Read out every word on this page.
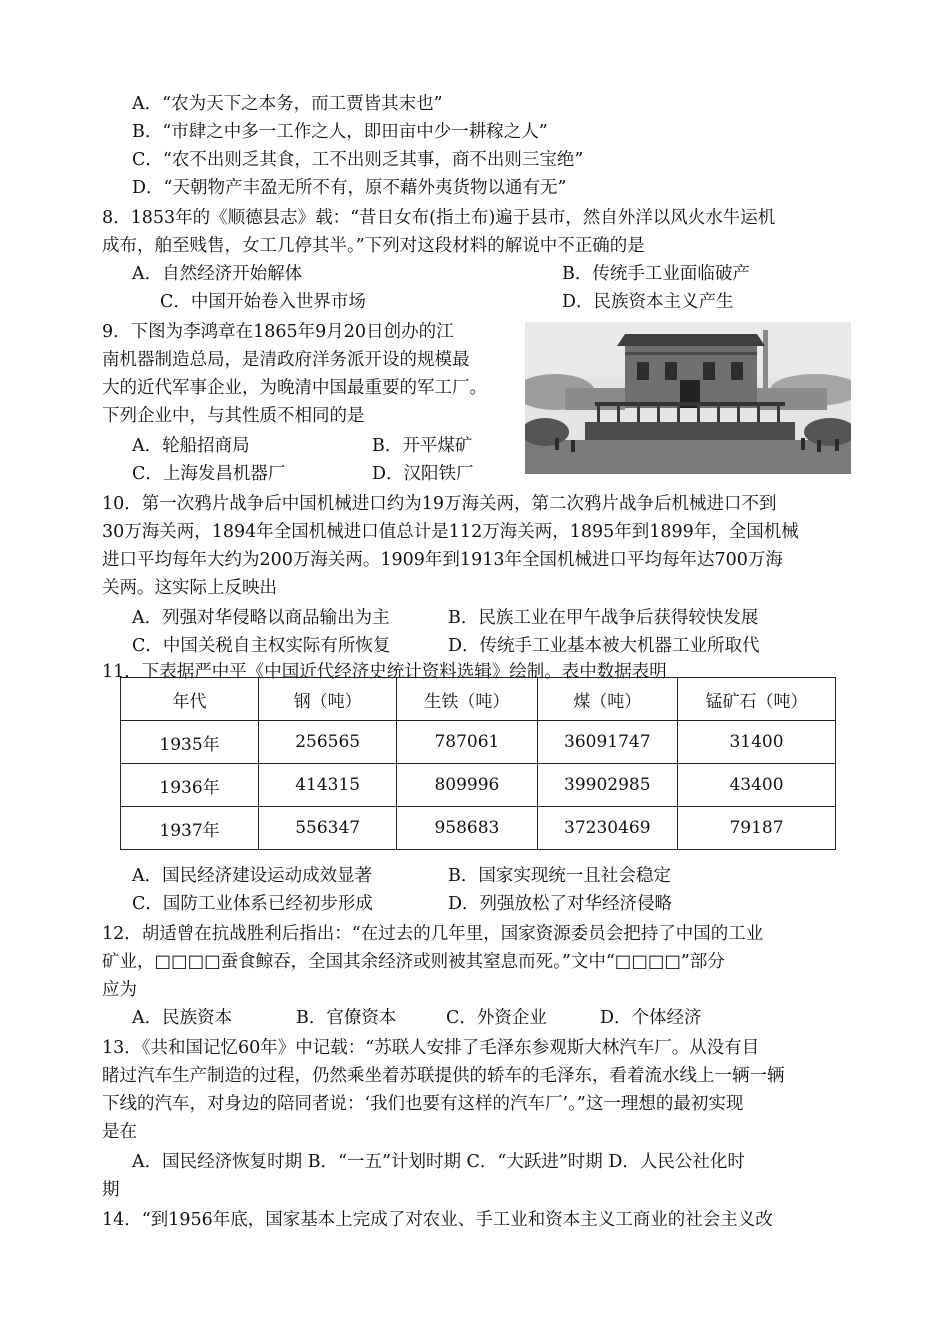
A．“农为天下之本务，而工贾皆其末也”
B．“市肆之中多一工作之人，即田亩中少一耕稼之人”
C．“农不出则乏其食，工不出则乏其事，商不出则三宝绝”
D．“天朝物产丰盈无所不有，原不藉外夷货物以通有无”
8．1853年的《顺德县志》载：“昔日女布(指土布)遍于县市，然自外洋以风火水牛运机
成布，舶至贱售，女工几停其半。”下列对这段材料的解说中不正确的是
A．自然经济开始解体	B．传统手工业面临破产
C．中国开始卷入世界市场	D．民族资本主义产生
9．下图为李鸿章在1865年9月20日创办的江
南机器制造总局，是清政府洋务派开设的规模最
大的近代军事企业，为晚清中国最重要的军工厂。
下列企业中，与其性质不相同的是
A．轮船招商局	B．开平煤矿
C．上海发昌机器厂	D．汉阳铁厂
10．第一次鸦片战争后中国机械进口约为19万海关两，第二次鸦片战争后机械进口不到
30万海关两，1894年全国机械进口值总计是112万海关两，1895年到1899年，全国机械
进口平均每年大约为200万海关两。1909年到1913年全国机械进口平均每年达700万海
关两。这实际上反映出
A．列强对华侵略以商品输出为主	B．民族工业在甲午战争后获得较快发展
C．中国关税自主权实际有所恢复	D．传统手工业基本被大机器工业所取代
11．下表据严中平《中国近代经济史统计资料选辑》绘制。表中数据表明
年代	钢（吨）	生铁（吨）	煤（吨）	锰矿石（吨）
1935年	256565	787061	36091747	31400
1936年	414315	809996	39902985	43400
1937年	556347	958683	37230469	79187
A．国民经济建设运动成效显著	B．国家实现统一且社会稳定
C．国防工业体系已经初步形成	D．列强放松了对华经济侵略
12．胡适曾在抗战胜利后指出：“在过去的几年里，国家资源委员会把持了中国的工业
矿业，□□□□蚕食鲸吞，全国其余经济或则被其窒息而死。”文中“□□□□”部分
应为
A．民族资本	B．官僚资本	C．外资企业	D．个体经济
13．《共和国记忆60年》中记载：“苏联人安排了毛泽东参观斯大林汽车厂。从没有目
睹过汽车生产制造的过程，仍然乘坐着苏联提供的轿车的毛泽东，看着流水线上一辆一辆
下线的汽车，对身边的陪同者说：‘我们也要有这样的汽车厂’。”这一理想的最初实现
是在
A．国民经济恢复时期 B．“一五”计划时期 C．“大跃进”时期 D．人民公社化时
期
14．“到1956年底，国家基本上完成了对农业、手工业和资本主义工商业的社会主义改
